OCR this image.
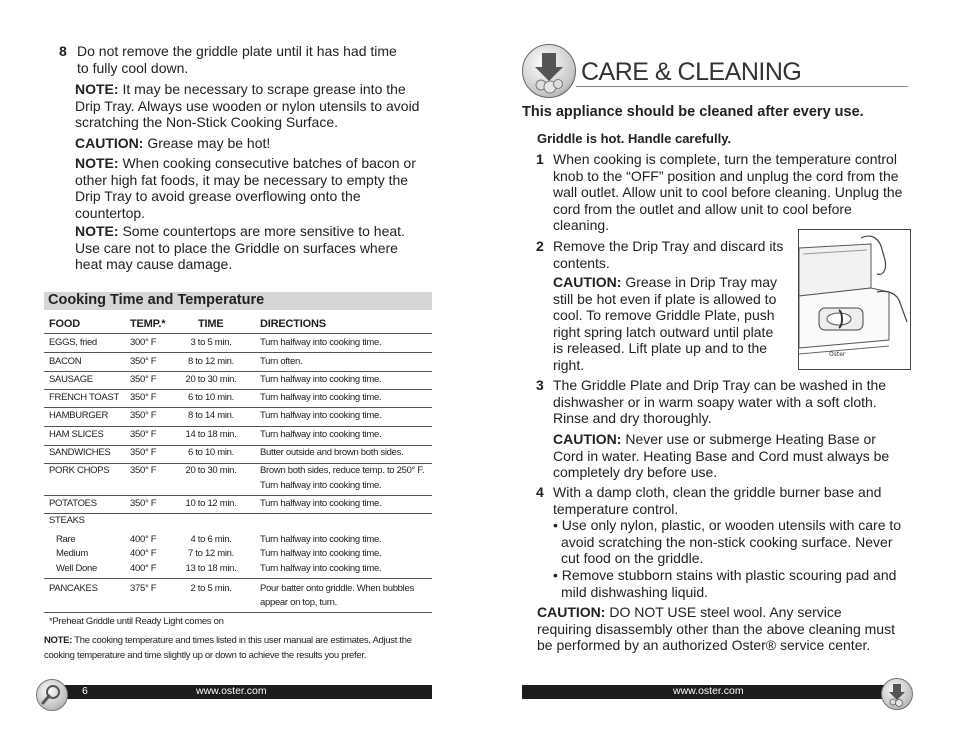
8 Do not remove the griddle plate until it has had time to fully cool down.

NOTE: It may be necessary to scrape grease into the Drip Tray. Always use wooden or nylon utensils to avoid scratching the Non-Stick Cooking Surface.

CAUTION: Grease may be hot!

NOTE: When cooking consecutive batches of bacon or other high fat foods, it may be necessary to empty the Drip Tray to avoid grease overflowing onto the countertop.

NOTE: Some countertops are more sensitive to heat. Use care not to place the Griddle on surfaces where heat may cause damage.

Cooking Time and Temperature
FOOD	TEMP.*	TIME	DIRECTIONS
EGGS, fried	300° F	3 to 5 min.	Turn halfway into cooking time.
BACON	350° F	8 to 12 min.	Turn often.
SAUSAGE	350° F	20 to 30 min.	Turn halfway into cooking time.
FRENCH TOAST 350° F	6 to 10 min.	Turn halfway into cooking time.
HAMBURGER 350° F	8 to 14 min.	Turn halfway into cooking time.
HAM SLICES	350° F	14 to 18 min.	Turn halfway into cooking time.
SANDWICHES 350° F	6 to 10 min.	Butter outside and brown both sides.
PORK CHOPS 350° F	20 to 30 min.	Brown both sides, reduce temp. to 250° F.
Turn halfway into cooking time.
POTATOES	350° F	10 to 12 min.	Turn halfway into cooking time.
STEAKS
Rare	400° F	4 to 6 min.	Turn halfway into cooking time.
Medium	400° F	7 to 12 min.	Turn halfway into cooking time.
Well Done	400° F	13 to 18 min.	Turn halfway into cooking time.
PANCAKES	375° F	2 to 5 min.	Pour batter onto griddle. When bubbles
appear on top, turn.
*Preheat Griddle until Ready Light comes on

NOTE: The cooking temperature and times listed in this user manual are estimates. Adjust the cooking temperature and time slightly up or down to achieve the results you prefer.

6	www.oster.com
CARE & CLEANING
This appliance should be cleaned after every use.
Griddle is hot. Handle carefully.
1 When cooking is complete, turn the temperature control knob to the “OFF” position and unplug the cord from the wall outlet. Allow unit to cool before cleaning. Unplug the cord from the outlet and allow unit to cool before cleaning.

2 Remove the Drip Tray and discard its contents.

CAUTION: Grease in Drip Tray may still be hot even if plate is allowed to cool. To remove Griddle Plate, push right spring latch outward until plate is released. Lift plate up and to the right.

Oster
3 The Griddle Plate and Drip Tray can be washed in the dishwasher or in warm soapy water with a soft cloth. Rinse and dry thoroughly.

CAUTION: Never use or submerge Heating Base or Cord in water. Heating Base and Cord must always be completely dry before use.

4 With a damp cloth, clean the griddle burner base and temperature control.

• Use only nylon, plastic, or wooden utensils with care to avoid scratching the non-stick cooking surface. Never cut food on the griddle.

• Remove stubborn stains with plastic scouring pad and mild dishwashing liquid.

CAUTION: DO NOT USE steel wool. Any service requiring disassembly other than the above cleaning must be performed by an authorized Oster® service center.

www.oster.com	7
